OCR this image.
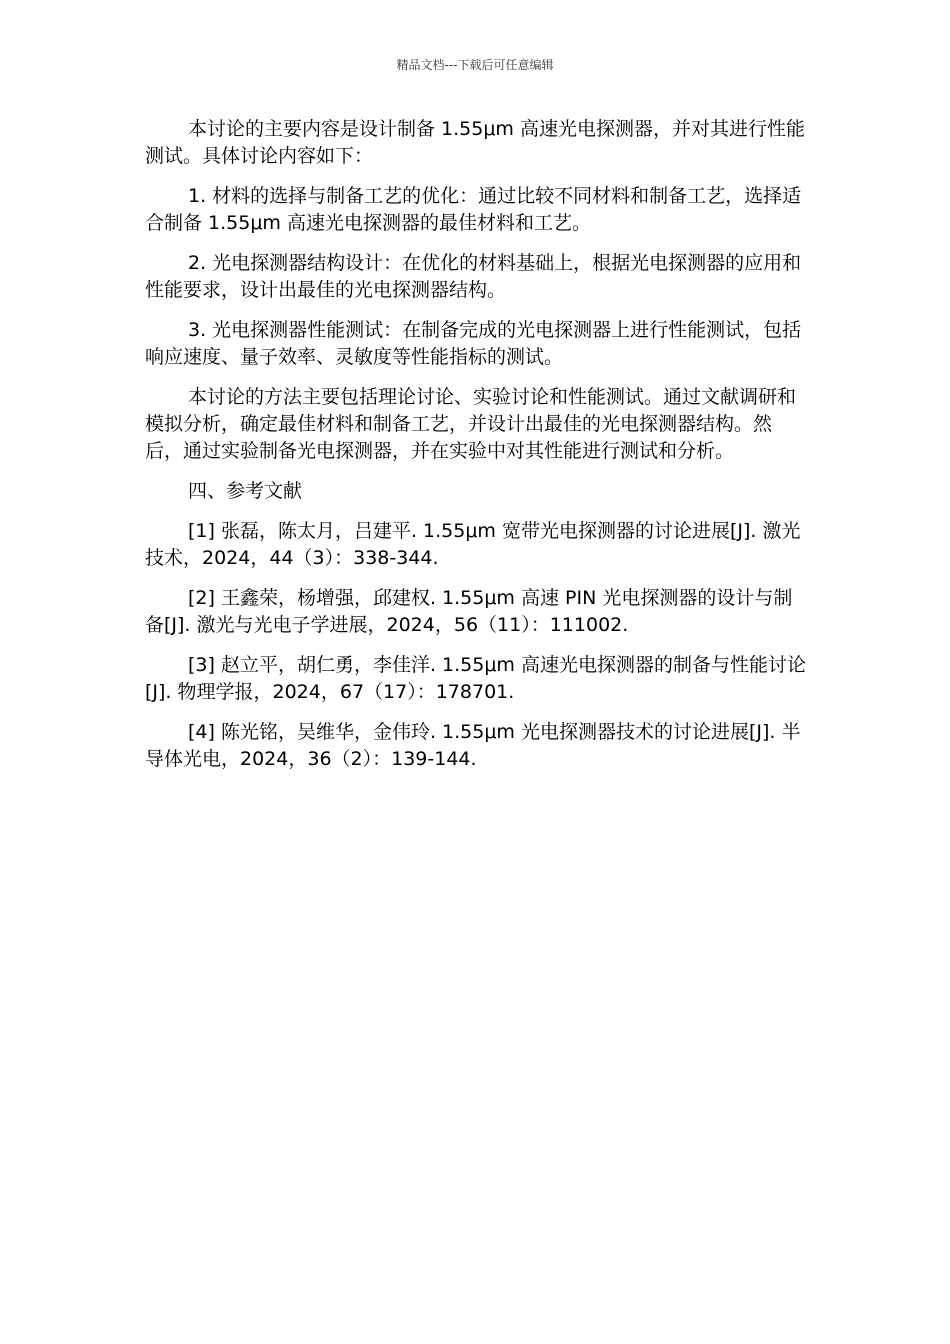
精品文档---下载后可任意编辑

本讨论的主要内容是设计制备 1.55μm 高速光电探测器，并对其进行性能测试。具体讨论内容如下：

1. 材料的选择与制备工艺的优化：通过比较不同材料和制备工艺，选择适合制备 1.55μm 高速光电探测器的最佳材料和工艺。

2. 光电探测器结构设计：在优化的材料基础上，根据光电探测器的应用和性能要求，设计出最佳的光电探测器结构。

3. 光电探测器性能测试：在制备完成的光电探测器上进行性能测试，包括响应速度、量子效率、灵敏度等性能指标的测试。

本讨论的方法主要包括理论讨论、实验讨论和性能测试。通过文献调研和模拟分析，确定最佳材料和制备工艺，并设计出最佳的光电探测器结构。然后，通过实验制备光电探测器，并在实验中对其性能进行测试和分析。

四、参考文献

[1] 张磊，陈太月，吕建平. 1.55μm 宽带光电探测器的讨论进展[J]. 激光技术，2024，44（3）：338-344.

[2] 王鑫荣，杨增强，邱建权. 1.55μm 高速 PIN 光电探测器的设计与制备[J]. 激光与光电子学进展，2024，56（11）：111002.

[3] 赵立平，胡仁勇，李佳洋. 1.55μm 高速光电探测器的制备与性能讨论[J]. 物理学报，2024，67（17）：178701.

[4] 陈光铭，吴维华，金伟玲. 1.55μm 光电探测器技术的讨论进展[J]. 半导体光电，2024，36（2）：139-144.
